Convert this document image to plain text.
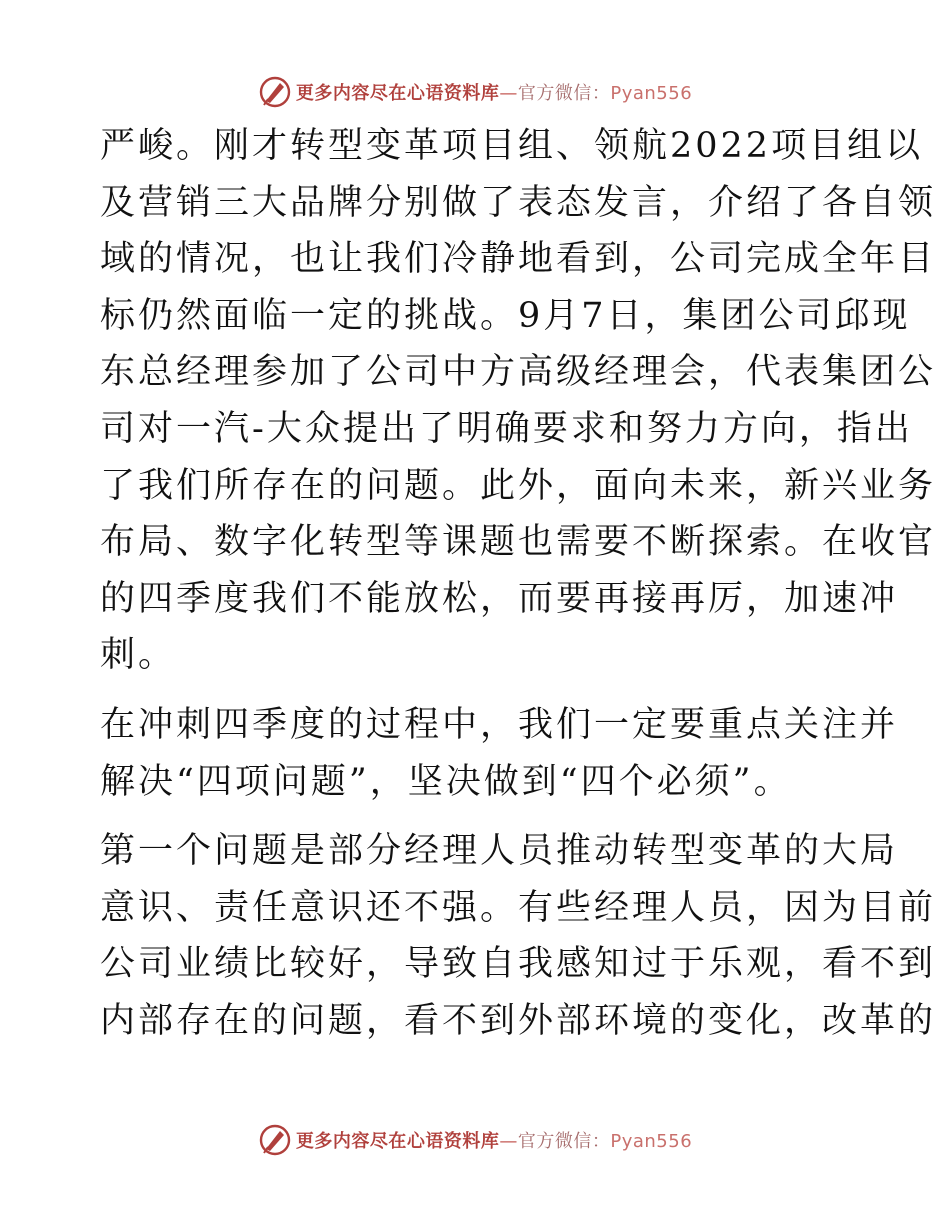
更多内容尽在心语资料库—官方微信：Pyan556
严峻。刚才转型变革项目组、领航2022项目组以
及营销三大品牌分别做了表态发言，介绍了各自领
域的情况，也让我们冷静地看到，公司完成全年目
标仍然面临一定的挑战。9月7日，集团公司邱现
东总经理参加了公司中方高级经理会，代表集团公
司对一汽-大众提出了明确要求和努力方向，指出
了我们所存在的问题。此外，面向未来，新兴业务
布局、数字化转型等课题也需要不断探索。在收官
的四季度我们不能放松，而要再接再厉，加速冲
刺。
在冲刺四季度的过程中，我们一定要重点关注并
解决“四项问题”，坚决做到“四个必须”。
第一个问题是部分经理人员推动转型变革的大局
意识、责任意识还不强。有些经理人员，因为目前
公司业绩比较好，导致自我感知过于乐观，看不到
内部存在的问题，看不到外部环境的变化，改革的
更多内容尽在心语资料库—官方微信：Pyan556
